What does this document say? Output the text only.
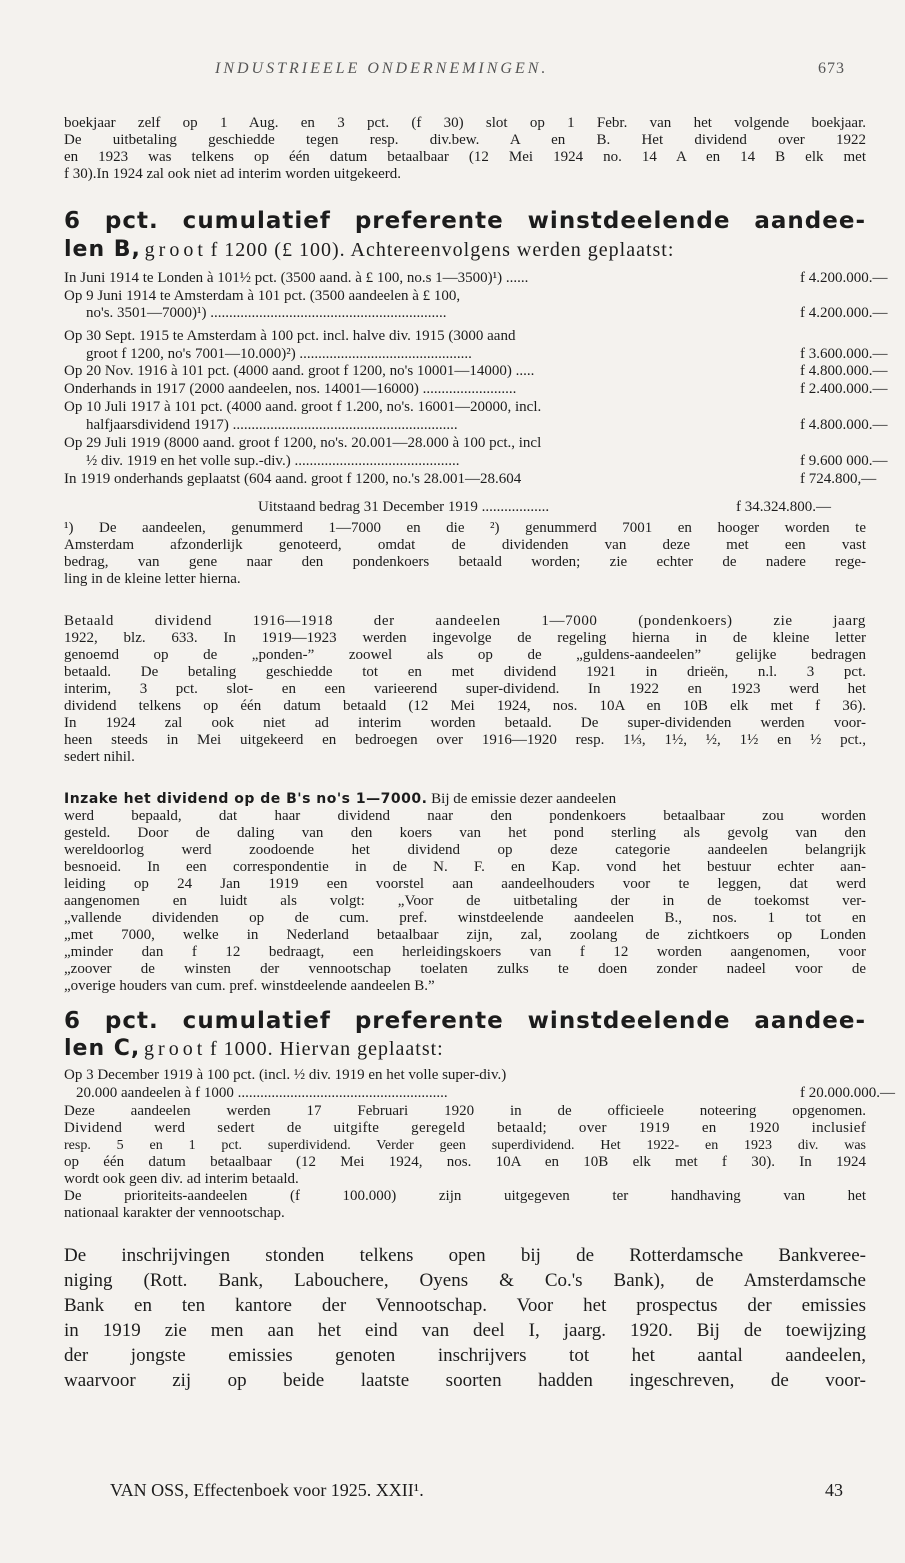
INDUSTRIEELE ONDERNEMINGEN.	673
boekjaar zelf op 1 Aug. en 3 pct. (f 30) slot op 1 Febr. van het volgende boekjaar.
De uitbetaling geschiedde tegen resp. div.bew. A en B. Het dividend over 1922
en 1923 was telkens op één datum betaalbaar (12 Mei 1924 no. 14 A en 14 B elk met
f 30).In 1924 zal ook niet ad interim worden uitgekeerd.
6 pct. cumulatief preferente winstdeelende aandee-
len B, groot f 1200 (£ 100). Achtereenvolgens werden geplaatst:
In Juni 1914 te Londen à 101½ pct. (3500 aand. à £ 100, no.s 1—3500)¹) ......	f 4.200.000.—
Op 9 Juni 1914 te Amsterdam à 101 pct. (3500 aandeelen à £ 100,
no's. 3501—7000)¹) ...............................................................	f 4.200.000.—
Op 30 Sept. 1915 te Amsterdam à 100 pct. incl. halve div. 1915 (3000 aand
groot f 1200, no's 7001—10.000)²) ..............................................	f 3.600.000.—
Op 20 Nov. 1916 à 101 pct. (4000 aand. groot f 1200, no's 10001—14000) .....	f 4.800.000.—
Onderhands in 1917 (2000 aandeelen, nos. 14001—16000) .........................	f 2.400.000.—
Op 10 Juli 1917 à 101 pct. (4000 aand. groot f 1.200, no's. 16001—20000, incl.
halfjaarsdividend 1917) ............................................................	f 4.800.000.—
Op 29 Juli 1919 (8000 aand. groot f 1200, no's. 20.001—28.000 à 100 pct., incl
½ div. 1919 en het volle sup.-div.) ............................................	f 9.600 000.—
In 1919 onderhands geplaatst (604 aand. groot f 1200, no.'s 28.001—28.604	f 724.800,—
Uitstaand bedrag 31 December 1919 ..................	f 34.324.800.—
¹) De aandeelen, genummerd 1—7000 en die ²) genummerd 7001 en hooger worden te
Amsterdam afzonderlijk genoteerd, omdat de dividenden van deze met een vast
bedrag, van gene naar den pondenkoers betaald worden; zie echter de nadere rege-
ling in de kleine letter hierna.
Betaald dividend 1916—1918 der aandeelen 1—7000 (pondenkoers) zie jaarg
1922, blz. 633. In 1919—1923 werden ingevolge de regeling hierna in de kleine letter
genoemd op de „ponden-” zoowel als op de „guldens-aandeelen” gelijke bedragen
betaald. De betaling geschiedde tot en met dividend 1921 in drieën, n.l. 3 pct.
interim, 3 pct. slot- en een varieerend super-dividend. In 1922 en 1923 werd het
dividend telkens op één datum betaald (12 Mei 1924, nos. 10A en 10B elk met f 36).
In 1924 zal ook niet ad interim worden betaald. De super-dividenden werden voor-
heen steeds in Mei uitgekeerd en bedroegen over 1916—1920 resp. 1⅓, 1½, ½, 1½ en ½ pct.,
sedert nihil.
Inzake het dividend op de B's no's 1—7000. Bij de emissie dezer aandeelen
werd bepaald, dat haar dividend naar den pondenkoers betaalbaar zou worden
gesteld. Door de daling van den koers van het pond sterling als gevolg van den
wereldoorlog werd zoodoende het dividend op deze categorie aandeelen belangrijk
besnoeid. In een correspondentie in de N. F. en Kap. vond het bestuur echter aan-
leiding op 24 Jan 1919 een voorstel aan aandeelhouders voor te leggen, dat werd
aangenomen en luidt als volgt: „Voor de uitbetaling der in de toekomst ver-
„vallende dividenden op de cum. pref. winstdeelende aandeelen B., nos. 1 tot en
„met 7000, welke in Nederland betaalbaar zijn, zal, zoolang de zichtkoers op Londen
„minder dan f 12 bedraagt, een herleidingskoers van f 12 worden aangenomen, voor
„zoover de winsten der vennootschap toelaten zulks te doen zonder nadeel voor de
„overige houders van cum. pref. winstdeelende aandeelen B.”
6 pct. cumulatief preferente winstdeelende aandee-
len C, groot f 1000. Hiervan geplaatst:
Op 3 December 1919 à 100 pct. (incl. ½ div. 1919 en het volle super-div.)
20.000 aandeelen à f 1000 ........................................................	f 20.000.000.—
Deze aandeelen werden 17 Februari 1920 in de officieele noteering opgenomen.
Dividend werd sedert de uitgifte geregeld betaald; over 1919 en 1920 inclusief
resp. 5 en 1 pct. superdividend. Verder geen superdividend. Het 1922- en 1923 div. was
op één datum betaalbaar (12 Mei 1924, nos. 10A en 10B elk met f 30). In 1924
wordt ook geen div. ad interim betaald.
De prioriteits-aandeelen (f 100.000) zijn uitgegeven ter handhaving van het
nationaal karakter der vennootschap.
De inschrijvingen stonden telkens open bij de Rotterdamsche Bankveree-
niging (Rott. Bank, Labouchere, Oyens & Co.'s Bank), de Amsterdamsche
Bank en ten kantore der Vennootschap. Voor het prospectus der emissies
in 1919 zie men aan het eind van deel I, jaarg. 1920. Bij de toewijzing
der jongste emissies genoten inschrijvers tot het aantal aandeelen,
waarvoor zij op beide laatste soorten hadden ingeschreven, de voor-
VAN OSS, Effectenboek voor 1925. XXII¹.	43
